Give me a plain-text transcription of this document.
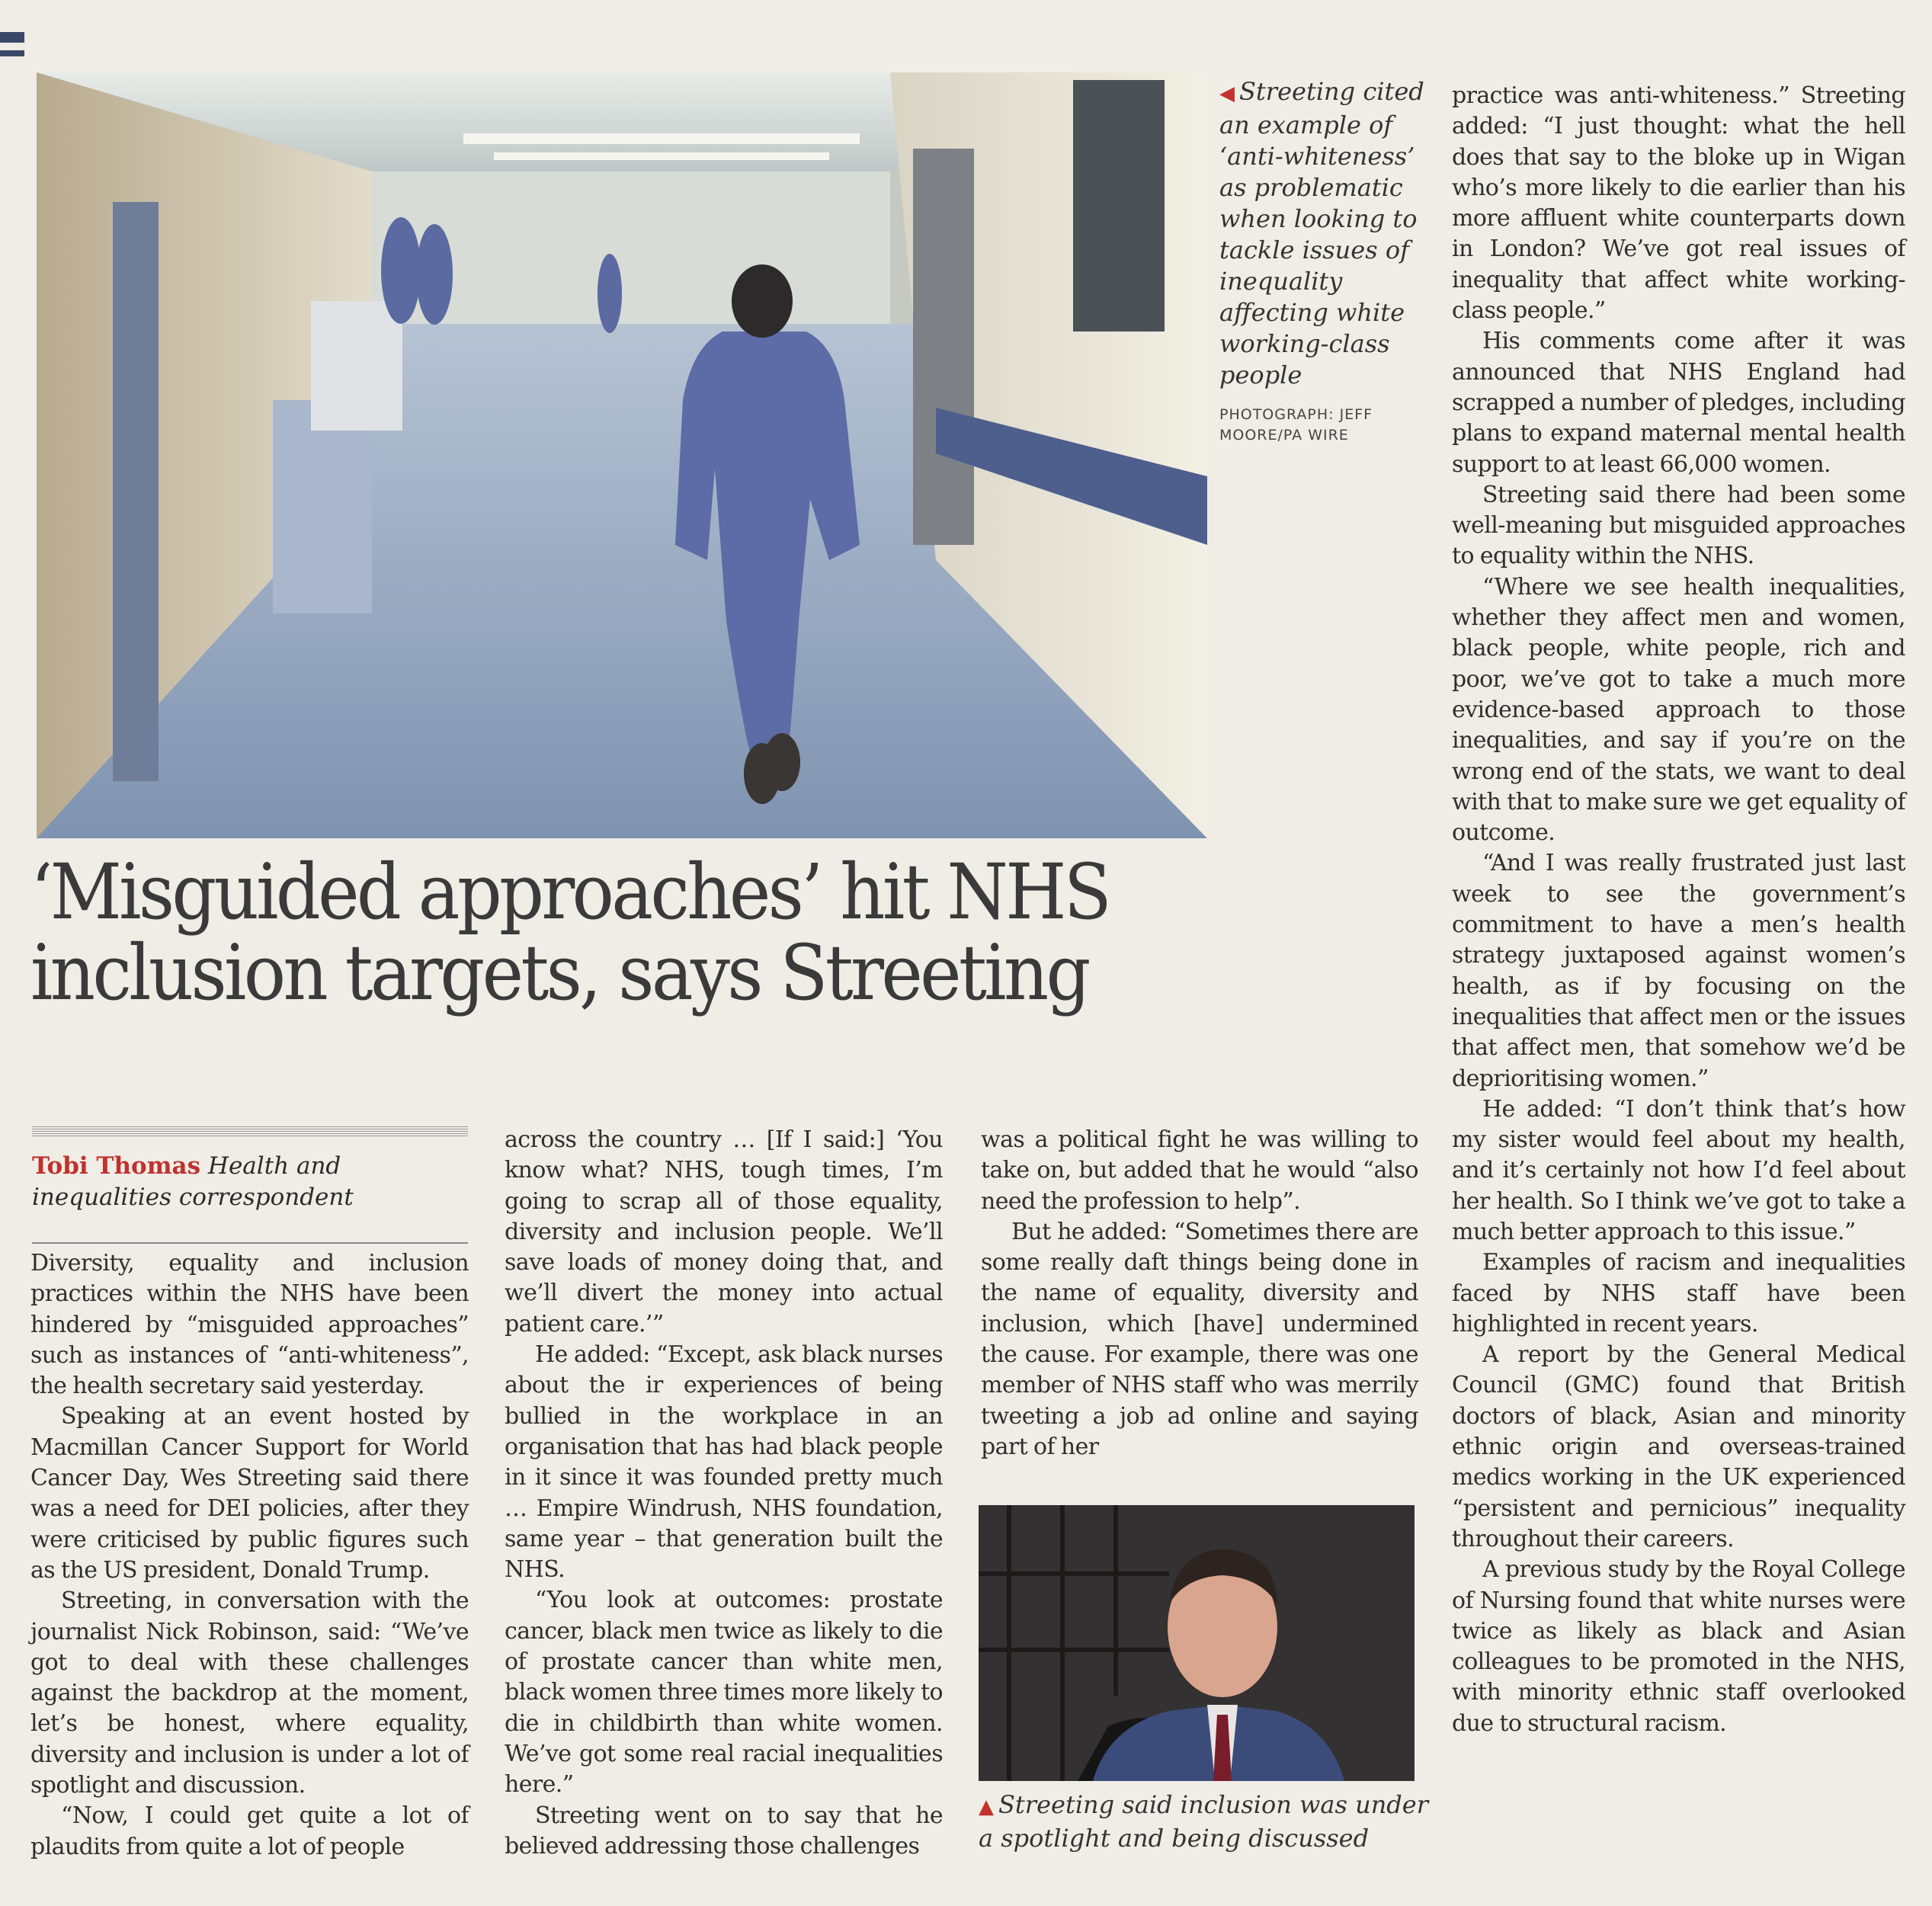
◀ Streeting cited an example of ‘anti-whiteness’ as problematic when looking to tackle issues of inequality affecting white working-class people
PHOTOGRAPH: JEFF MOORE/PA WIRE
‘Misguided approaches’ hit NHS
inclusion targets, says Streeting
Tobi Thomas Health and inequalities correspondent

Diversity, equality and inclusion practices within the NHS have been hindered by “misguided approaches” such as instances of “anti-whiteness”, the health secretary said yesterday.

Speaking at an event hosted by Macmillan Cancer Support for World Cancer Day, Wes Streeting said there was a need for DEI policies, after they were criticised by public figures such as the US president, Donald Trump.

Streeting, in conversation with the journalist Nick Robinson, said: “We’ve got to deal with these challenges against the backdrop at the moment, let’s be honest, where equality, diversity and inclusion is under a lot of spotlight and discussion.

“Now, I could get quite a lot of plaudits from quite a lot of people

across the country … [If I said:] ‘You know what? NHS, tough times, I’m going to scrap all of those equality, diversity and inclusion people. We’ll save loads of money doing that, and we’ll divert the money into actual patient care.’”

He added: “Except, ask black nurses about the ir experiences of being bullied in the workplace in an organisation that has had black people in it since it was founded pretty much … Empire Windrush, NHS foundation, same year – that generation built the NHS.

“You look at outcomes: prostate cancer, black men twice as likely to die of prostate cancer than white men, black women three times more likely to die in childbirth than white women. We’ve got some real racial inequalities here.”

Streeting went on to say that he believed addressing those challenges

was a political fight he was willing to take on, but added that he would “also need the profession to help”.

But he added: “Sometimes there are some really daft things being done in the name of equality, diversity and inclusion, which [have] undermined the cause. For example, there was one member of NHS staff who was merrily tweeting a job ad online and saying part of her

▲ Streeting said inclusion was under a spotlight and being discussed

practice was anti-whiteness.” Streeting added: “I just thought: what the hell does that say to the bloke up in Wigan who’s more likely to die earlier than his more affluent white counterparts down in London? We’ve got real issues of inequality that affect white working-class people.”

His comments come after it was announced that NHS England had scrapped a number of pledges, including plans to expand maternal mental health support to at least 66,000 women.

Streeting said there had been some well-meaning but misguided approaches to equality within the NHS.

“Where we see health inequalities, whether they affect men and women, black people, white people, rich and poor, we’ve got to take a much more evidence-based approach to those inequalities, and say if you’re on the wrong end of the stats, we want to deal with that to make sure we get equality of outcome.

“And I was really frustrated just last week to see the government’s commitment to have a men’s health strategy juxtaposed against women’s health, as if by focusing on the inequalities that affect men or the issues that affect men, that somehow we’d be deprioritising women.”

He added: “I don’t think that’s how my sister would feel about my health, and it’s certainly not how I’d feel about her health. So I think we’ve got to take a much better approach to this issue.”

Examples of racism and inequalities faced by NHS staff have been highlighted in recent years.

A report by the General Medical Council (GMC) found that British doctors of black, Asian and minority ethnic origin and overseas-trained medics working in the UK experienced “persistent and pernicious” inequality throughout their careers.

A previous study by the Royal College of Nursing found that white nurses were twice as likely as black and Asian colleagues to be promoted in the NHS, with minority ethnic staff overlooked due to structural racism.
